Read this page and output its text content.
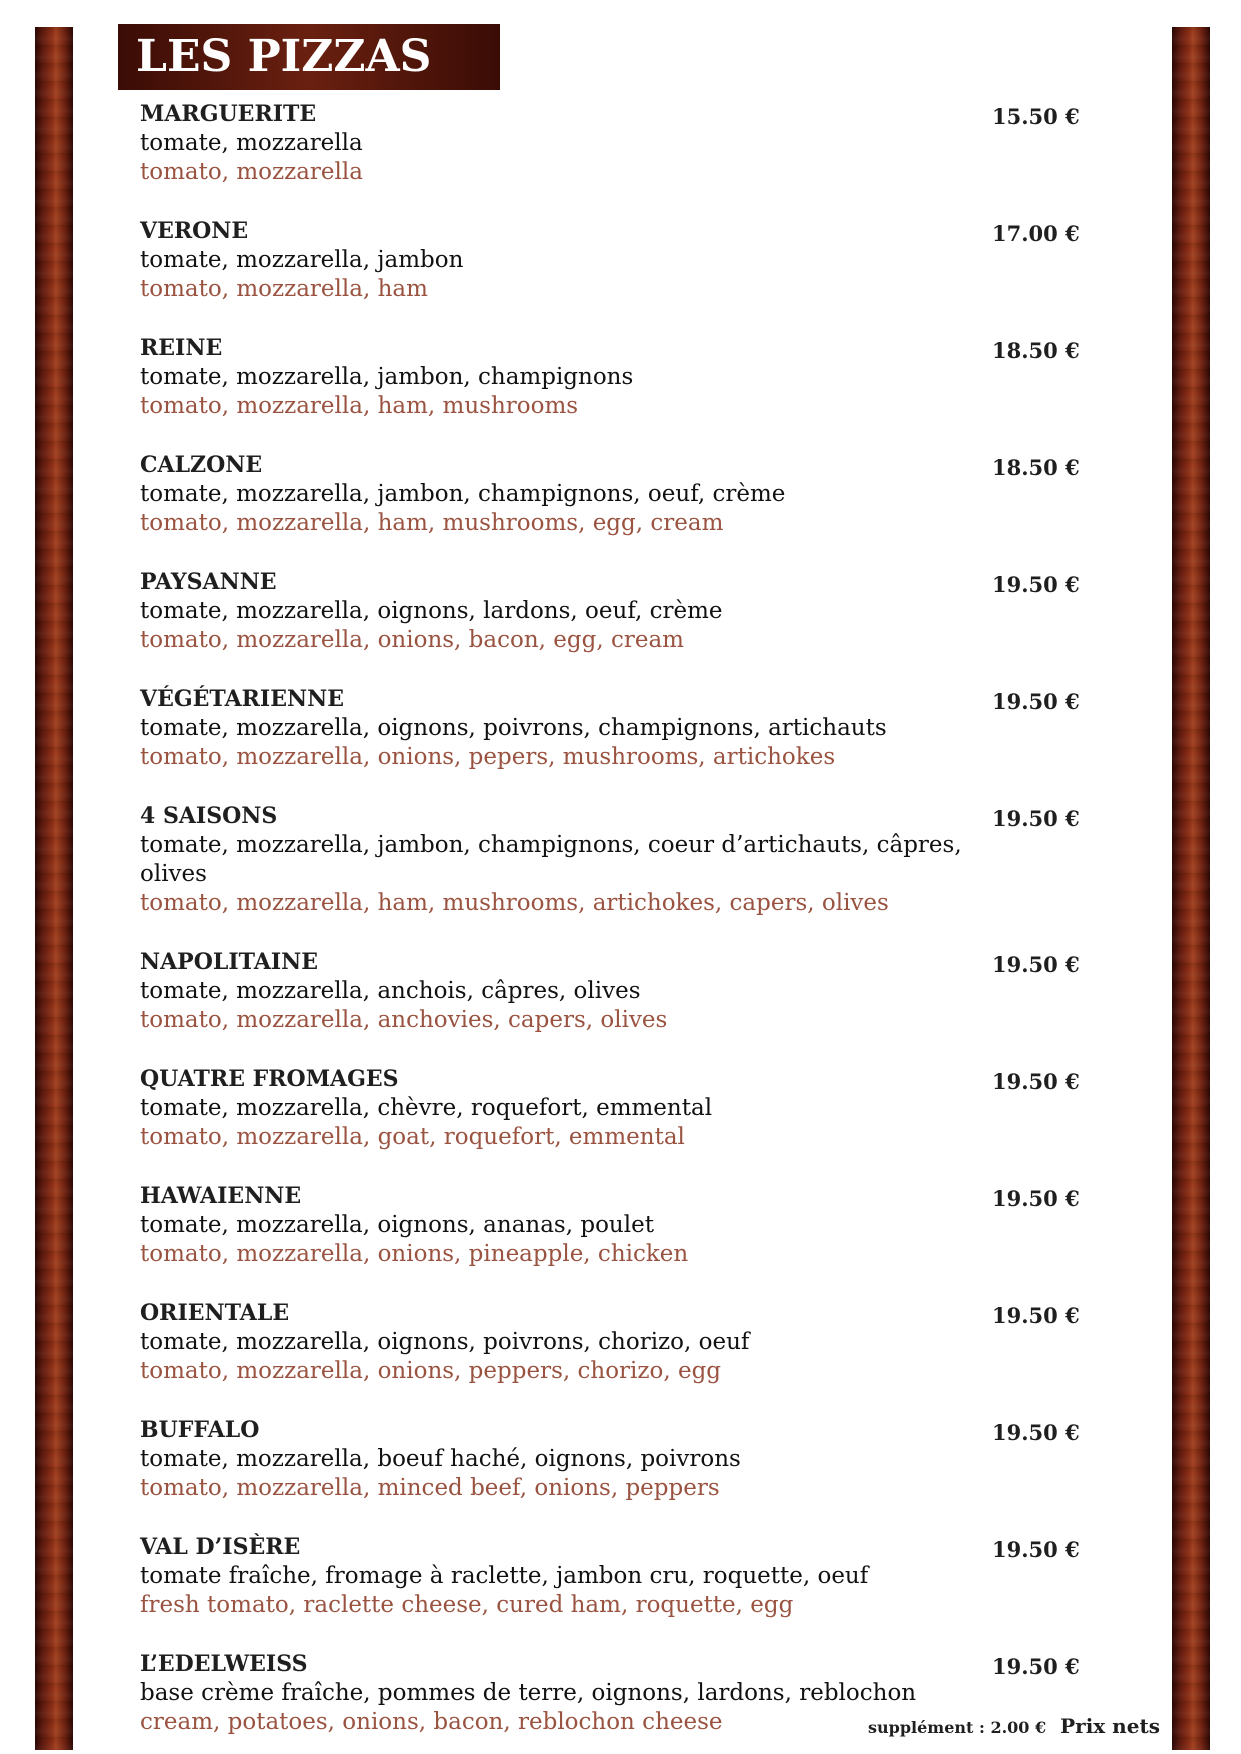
LES PIZZAS
MARGUERITE
tomate, mozzarella
tomato, mozzarella
15.50 €
VERONE
tomate, mozzarella, jambon
tomato, mozzarella, ham
17.00 €
REINE
tomate, mozzarella, jambon, champignons
tomato, mozzarella, ham, mushrooms
18.50 €
CALZONE
tomate, mozzarella, jambon, champignons, oeuf, crème
tomato, mozzarella, ham, mushrooms, egg, cream
18.50 €
PAYSANNE
tomate, mozzarella, oignons, lardons, oeuf, crème
tomato, mozzarella, onions, bacon, egg, cream
19.50 €
VÉGÉTARIENNE
tomate, mozzarella, oignons, poivrons, champignons, artichauts
tomato, mozzarella, onions, pepers, mushrooms, artichokes
19.50 €
4 SAISONS
tomate, mozzarella, jambon, champignons, coeur d’artichauts, câpres, olives
tomato, mozzarella, ham, mushrooms, artichokes, capers, olives
19.50 €
NAPOLITAINE
tomate, mozzarella, anchois, câpres, olives
tomato, mozzarella, anchovies, capers, olives
19.50 €
QUATRE FROMAGES
tomate, mozzarella, chèvre, roquefort, emmental
tomato, mozzarella, goat, roquefort, emmental
19.50 €
HAWAIENNE
tomate, mozzarella, oignons, ananas, poulet
tomato, mozzarella, onions, pineapple, chicken
19.50 €
ORIENTALE
tomate, mozzarella, oignons, poivrons, chorizo, oeuf
tomato, mozzarella, onions, peppers, chorizo, egg
19.50 €
BUFFALO
tomate, mozzarella, boeuf haché, oignons, poivrons
tomato, mozzarella, minced beef, onions, peppers
19.50 €
VAL D’ISÈRE
tomate fraîche, fromage à raclette, jambon cru, roquette, oeuf
fresh tomato, raclette cheese, cured ham, roquette, egg
19.50 €
L’EDELWEISS
base crème fraîche, pommes de terre, oignons, lardons, reblochon
cream, potatoes, onions, bacon, reblochon cheese
19.50 €
supplément : 2.00 € Prix nets
